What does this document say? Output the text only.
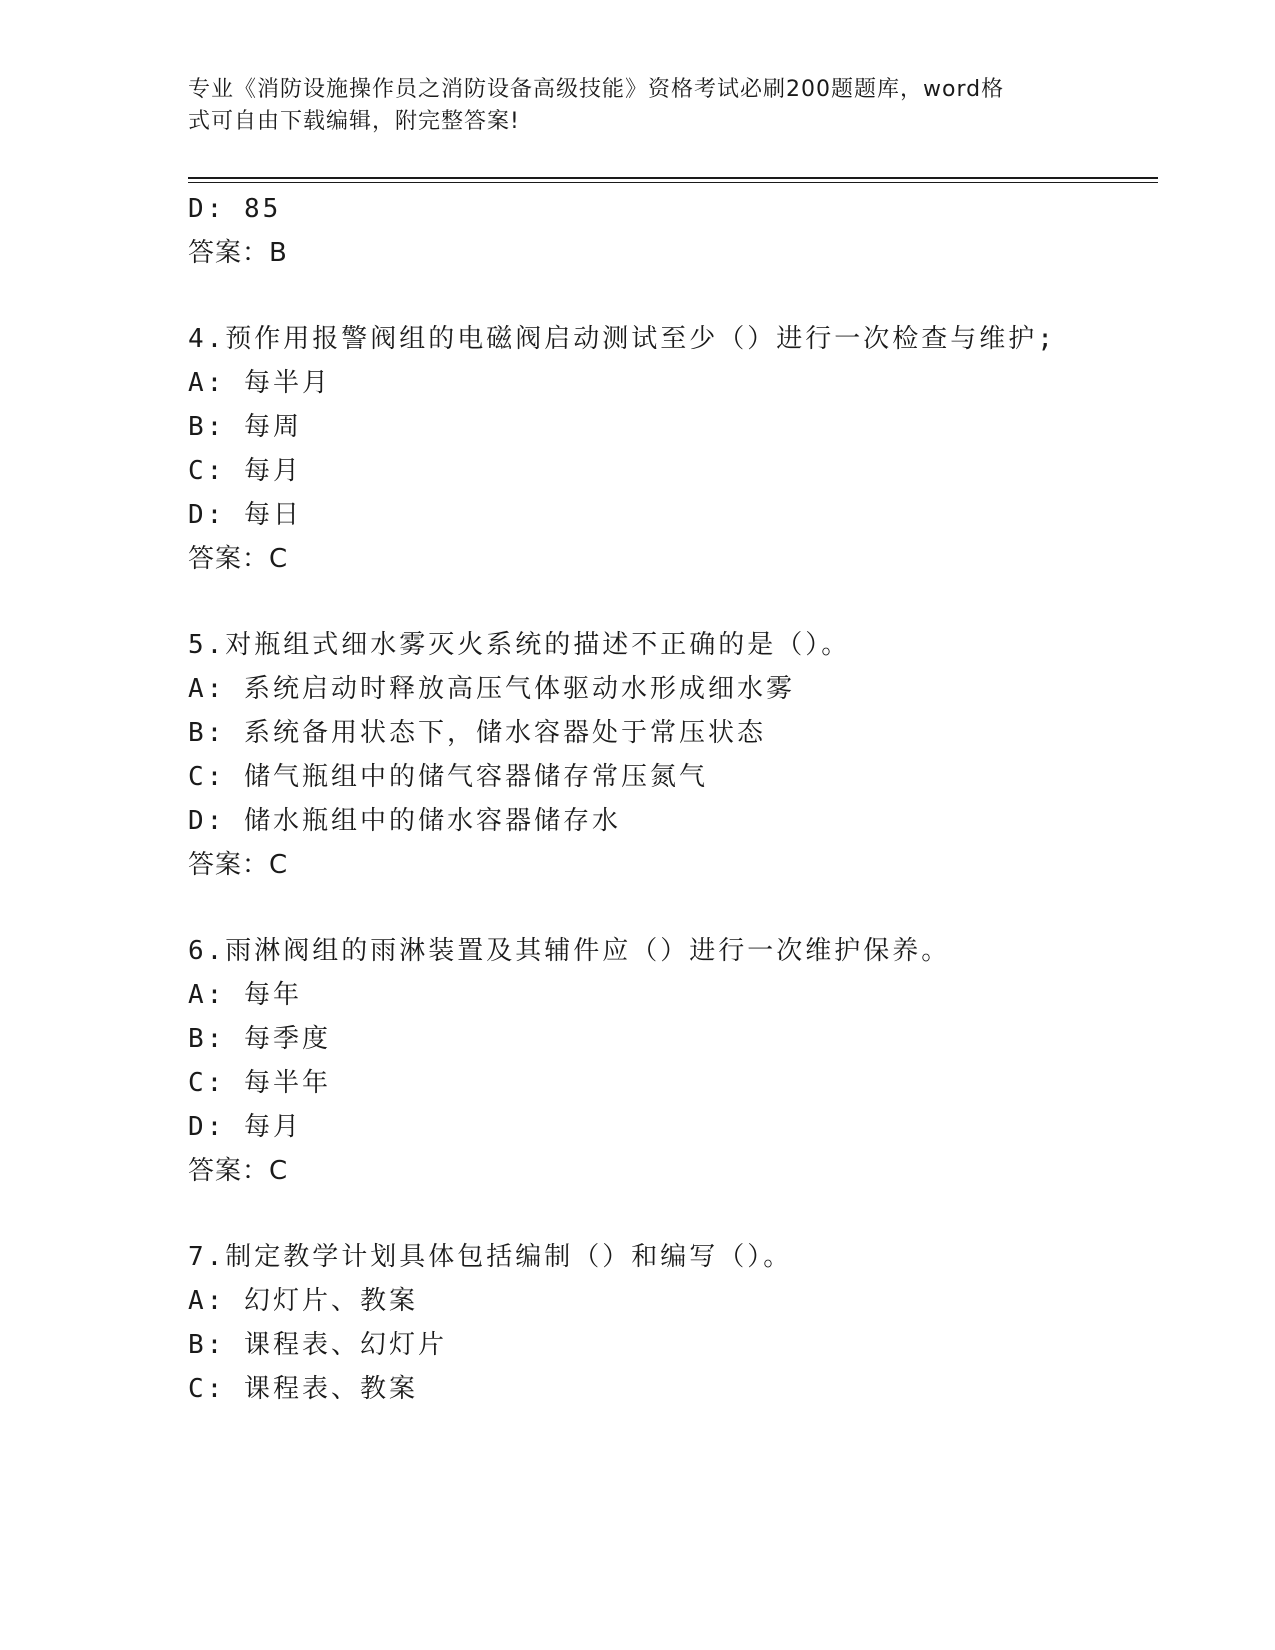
专业《消防设施操作员之消防设备高级技能》资格考试必刷200题题库，word格
式可自由下载编辑，附完整答案!
D: 85
答案：B
4.预作用报警阀组的电磁阀启动测试至少（）进行一次检查与维护;
A: 每半月
B: 每周
C: 每月
D: 每日
答案：C
5.对瓶组式细水雾灭火系统的描述不正确的是（）。
A: 系统启动时释放高压气体驱动水形成细水雾
B: 系统备用状态下，储水容器处于常压状态
C: 储气瓶组中的储气容器储存常压氮气
D: 储水瓶组中的储水容器储存水
答案：C
6.雨淋阀组的雨淋装置及其辅件应（）进行一次维护保养。
A: 每年
B: 每季度
C: 每半年
D: 每月
答案：C
7.制定教学计划具体包括编制（）和编写（）。
A: 幻灯片、教案
B: 课程表、幻灯片
C: 课程表、教案
